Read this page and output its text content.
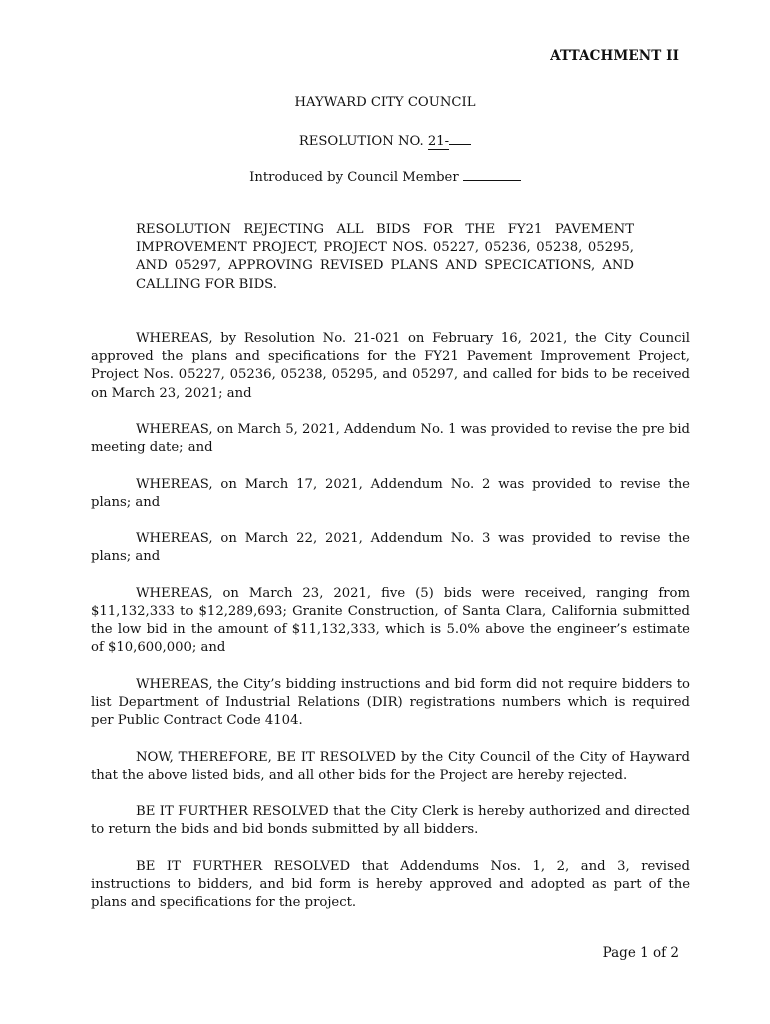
ATTACHMENT II
HAYWARD CITY COUNCIL
RESOLUTION NO. 21-
Introduced by Council Member
RESOLUTION REJECTING ALL BIDS FOR THE FY21 PAVEMENT IMPROVEMENT PROJECT, PROJECT NOS. 05227, 05236, 05238, 05295, AND 05297, APPROVING REVISED PLANS AND SPECICATIONS, AND CALLING FOR BIDS.

WHEREAS, by Resolution No. 21-021 on February 16, 2021, the City Council approved the plans and specifications for the FY21 Pavement Improvement Project, Project Nos. 05227, 05236, 05238, 05295, and 05297, and called for bids to be received on March 23, 2021; and

WHEREAS, on March 5, 2021, Addendum No. 1 was provided to revise the pre bid meeting date; and

WHEREAS, on March 17, 2021, Addendum No. 2 was provided to revise the plans; and

WHEREAS, on March 22, 2021, Addendum No. 3 was provided to revise the plans; and

WHEREAS, on March 23, 2021, five (5) bids were received, ranging from $11,132,333 to $12,289,693; Granite Construction, of Santa Clara, California submitted the low bid in the amount of $11,132,333, which is 5.0% above the engineer’s estimate of $10,600,000; and

WHEREAS, the City’s bidding instructions and bid form did not require bidders to list Department of Industrial Relations (DIR) registrations numbers which is required per Public Contract Code 4104.

NOW, THEREFORE, BE IT RESOLVED by the City Council of the City of Hayward that the above listed bids, and all other bids for the Project are hereby rejected.

BE IT FURTHER RESOLVED that the City Clerk is hereby authorized and directed to return the bids and bid bonds submitted by all bidders.

BE IT FURTHER RESOLVED that Addendums Nos. 1, 2, and 3, revised instructions to bidders, and bid form is hereby approved and adopted as part of the plans and specifications for the project.

Page 1 of 2
